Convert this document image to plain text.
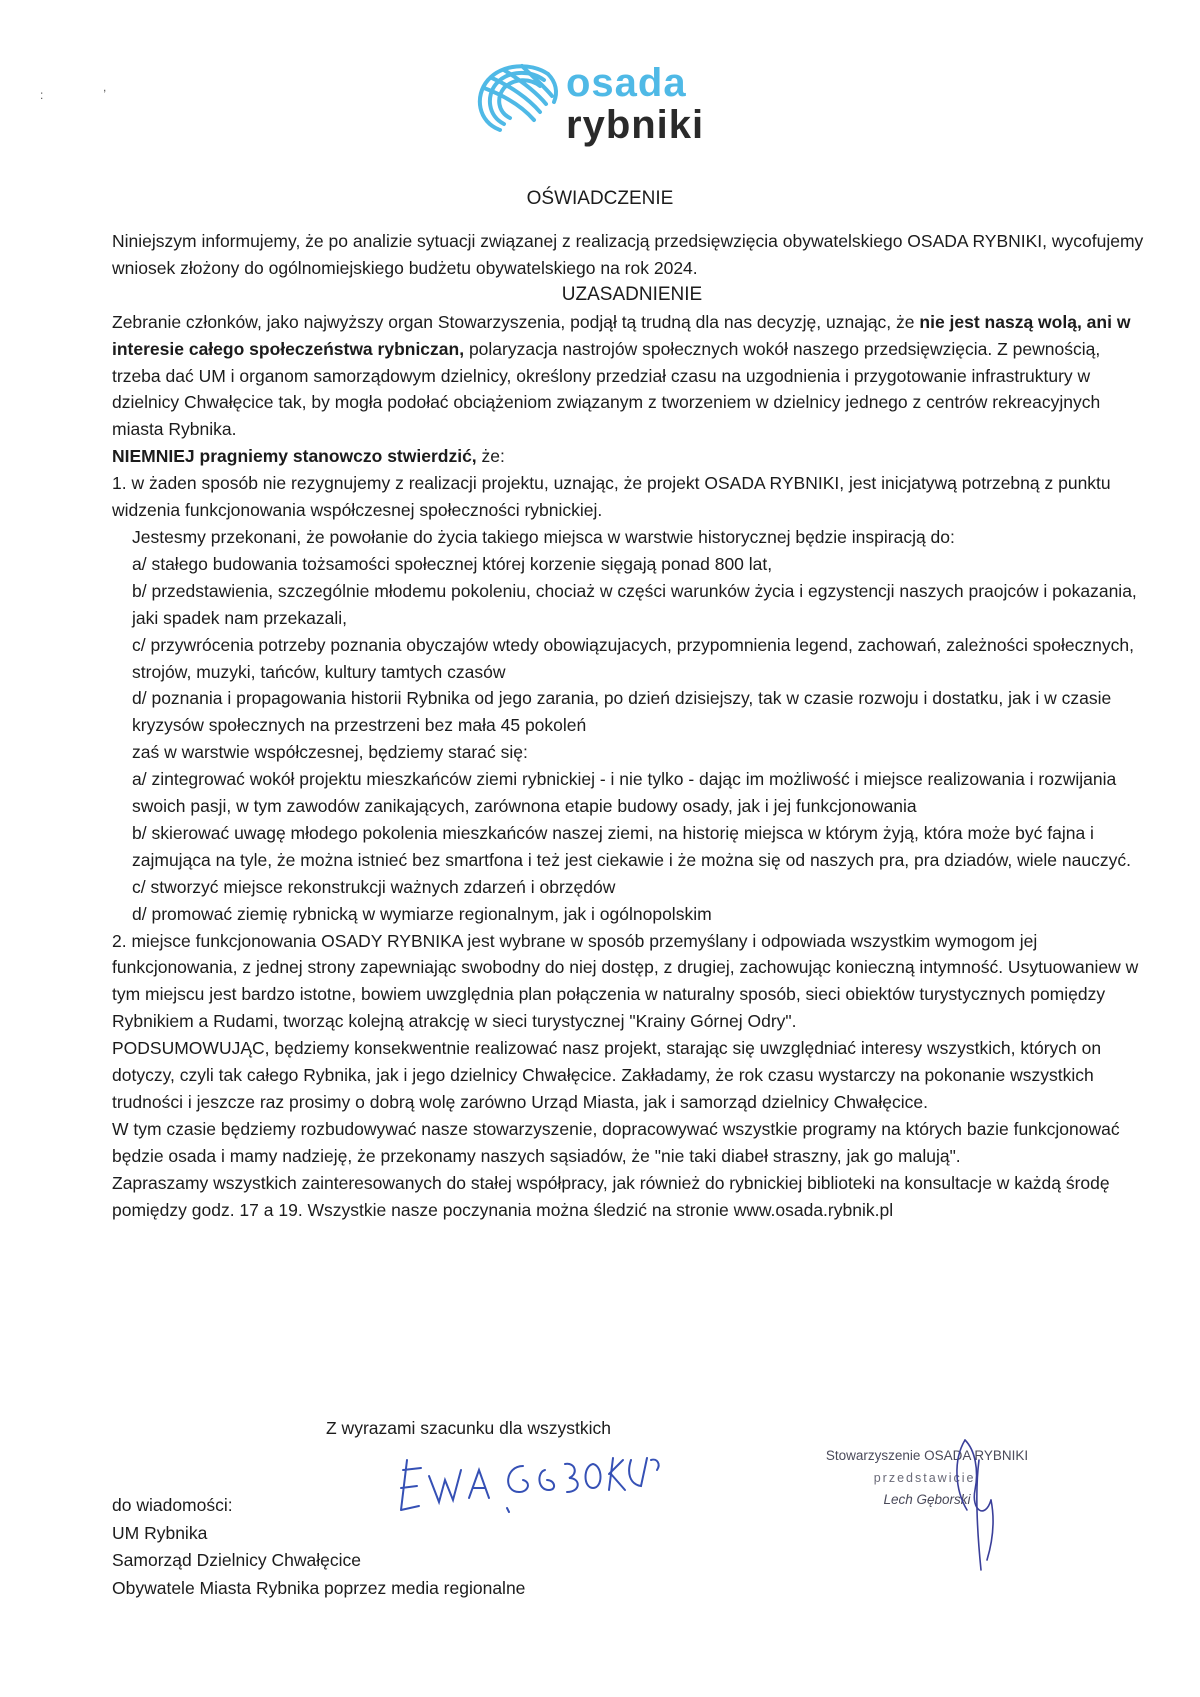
,
:	osada
rybniki
OŚWIADCZENIE

Niniejszym informujemy, że po analizie sytuacji związanej z realizacją przedsięwzięcia obywatelskiego OSADA RYBNIKI, wycofujemy wniosek złożony do ogólnomiejskiego budżetu obywatelskiego na rok 2024.

UZASADNIENIE

Zebranie członków, jako najwyższy organ Stowarzyszenia, podjął tą trudną dla nas decyzję, uznając, że nie jest naszą wolą, ani w interesie całego społeczeństwa rybniczan, polaryzacja nastrojów społecznych wokół naszego przedsięwzięcia. Z pewnością, trzeba dać UM i organom samorządowym dzielnicy, określony przedział czasu na uzgodnienia i przygotowanie infrastruktury w dzielnicy Chwałęcice tak, by mogła podołać obciążeniom związanym z tworzeniem w dzielnicy jednego z centrów rekreacyjnych miasta Rybnika.

NIEMNIEJ pragniemy stanowczo stwierdzić, że:

1. w żaden sposób nie rezygnujemy z realizacji projektu, uznając, że projekt OSADA RYBNIKI, jest inicjatywą potrzebną z punktu widzenia funkcjonowania współczesnej społeczności rybnickiej.

Jestesmy przekonani, że powołanie do życia takiego miejsca w warstwie historycznej będzie inspiracją do:

a/ stałego budowania tożsamości społecznej której korzenie sięgają ponad 800 lat,

b/ przedstawienia, szczególnie młodemu pokoleniu, chociaż w części warunków życia i egzystencji naszych praojców i pokazania, jaki spadek nam przekazali,

c/ przywrócenia potrzeby poznania obyczajów wtedy obowiązujacych, przypomnienia legend, zachowań, zależności społecznych, strojów, muzyki, tańców, kultury tamtych czasów

d/ poznania i propagowania historii Rybnika od jego zarania, po dzień dzisiejszy, tak w czasie rozwoju i dostatku, jak i w czasie kryzysów społecznych na przestrzeni bez mała 45 pokoleń

zaś w warstwie współczesnej, będziemy starać się:

a/ zintegrować wokół projektu mieszkańców ziemi rybnickiej - i nie tylko - dając im możliwość i miejsce realizowania i rozwijania swoich pasji, w tym zawodów zanikających, zarównona etapie budowy osady, jak i jej funkcjonowania

b/ skierować uwagę młodego pokolenia mieszkańców naszej ziemi, na historię miejsca w którym żyją, która może być fajna i zajmująca na tyle, że można istnieć bez smartfona i też jest ciekawie i że można się od naszych pra, pra dziadów, wiele nauczyć.

c/ stworzyć miejsce rekonstrukcji ważnych zdarzeń i obrzędów

d/ promować ziemię rybnicką w wymiarze regionalnym, jak i ogólnopolskim

2. miejsce funkcjonowania OSADY RYBNIKA jest wybrane w sposób przemyślany i odpowiada wszystkim wymogom jej funkcjonowania, z jednej strony zapewniając swobodny do niej dostęp, z drugiej, zachowując konieczną intymność. Usytuowaniew w tym miejscu jest bardzo istotne, bowiem uwzględnia plan połączenia w naturalny sposób, sieci obiektów turystycznych pomiędzy Rybnikiem a Rudami, tworząc kolejną atrakcję w sieci turystycznej "Krainy Górnej Odry".

PODSUMOWUJĄC, będziemy konsekwentnie realizować nasz projekt, starając się uwzględniać interesy wszystkich, których on dotyczy, czyli tak całego Rybnika, jak i jego dzielnicy Chwałęcice. Zakładamy, że rok czasu wystarczy na pokonanie wszystkich trudności i jeszcze raz prosimy o dobrą wolę zarówno Urząd Miasta, jak i samorząd dzielnicy Chwałęcice.

W tym czasie będziemy rozbudowywać nasze stowarzyszenie, dopracowywać wszystkie programy na których bazie funkcjonować będzie osada i mamy nadzieję, że przekonamy naszych sąsiadów, że "nie taki diabeł straszny, jak go malują".

Zapraszamy wszystkich zainteresowanych do stałej współpracy, jak również do rybnickiej biblioteki na konsultacje w każdą środę pomiędzy godz. 17 a 19. Wszystkie nasze poczynania można śledzić na stronie www.osada.rybnik.pl

Z wyrazami szacunku dla wszystkich
do wiadomości:
UM Rybnika
Samorząd Dzielnicy Chwałęcice
Obywatele Miasta Rybnika poprzez media regionalne
Stowarzyszenie OSADA RYBNIKI
przedstawiciel
Lech Gęborski
